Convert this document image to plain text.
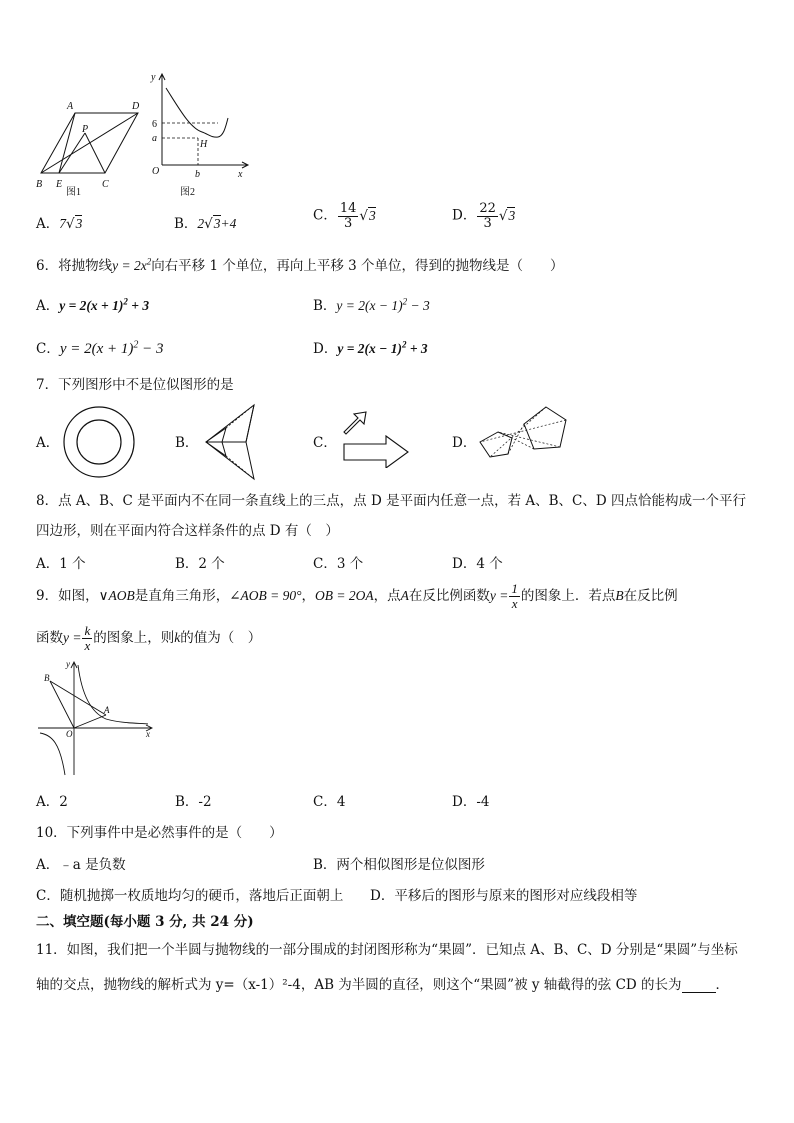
A	D
P
B E	C
图1
y
x
O
6
a
b
H
图2
A．7√3	B．2√3+4	C． $\frac{14}{3} √3$	D． $\frac{22}{3} √3$
6．将抛物线$y = 2x^2$向右平移 1 个单位，再向上平移 3 个单位，得到的抛物线是（　　）
A．$y = 2(x + 1)^2 + 3$	B．$y = 2(x - 1)^2 - 3$
C．$y = 2(x + 1)^2 - 3$	D．$y = 2(x - 1)^2 + 3$
7．下列图形中不是位似图形的是
A．	B．	C．	D．
8．点 A、B、C 是平面内不在同一条直线上的三点，点 D 是平面内任意一点，若 A、B、C、D 四点恰能构成一个平行
四边形，则在平面内符合这样条件的点 D 有（　）
A．1 个	B．2 个	C．3 个	D．4 个
9．如图，∨AOB是直角三角形，∠AOB = 90°，OB = 2OA，点A在反比例函数$y = \frac{1}{x}$ 的图象上．若点B在反比例
函数$y = \frac{k}{x}$ 的图象上，则k的值为（　）
y
B
A
O	x
A．2	B．-2	C．4	D．-4
10．下列事件中是必然事件的是（　　）
A．﹣a 是负数	B．两个相似图形是位似图形
C．随机抛掷一枚质地均匀的硬币，落地后正面朝上 D．平移后的图形与原来的图形对应线段相等
二、填空题(每小题 3 分, 共 24 分)
11．如图，我们把一个半圆与抛物线的一部分围成的封闭图形称为“果圆”．已知点 A、B、C、D 分别是“果圆”与坐标
轴的交点，抛物线的解析式为 y=（x-1）²-4，AB 为半圆的直径，则这个“果圆”被 y 轴截得的弦 CD 的长为	．
